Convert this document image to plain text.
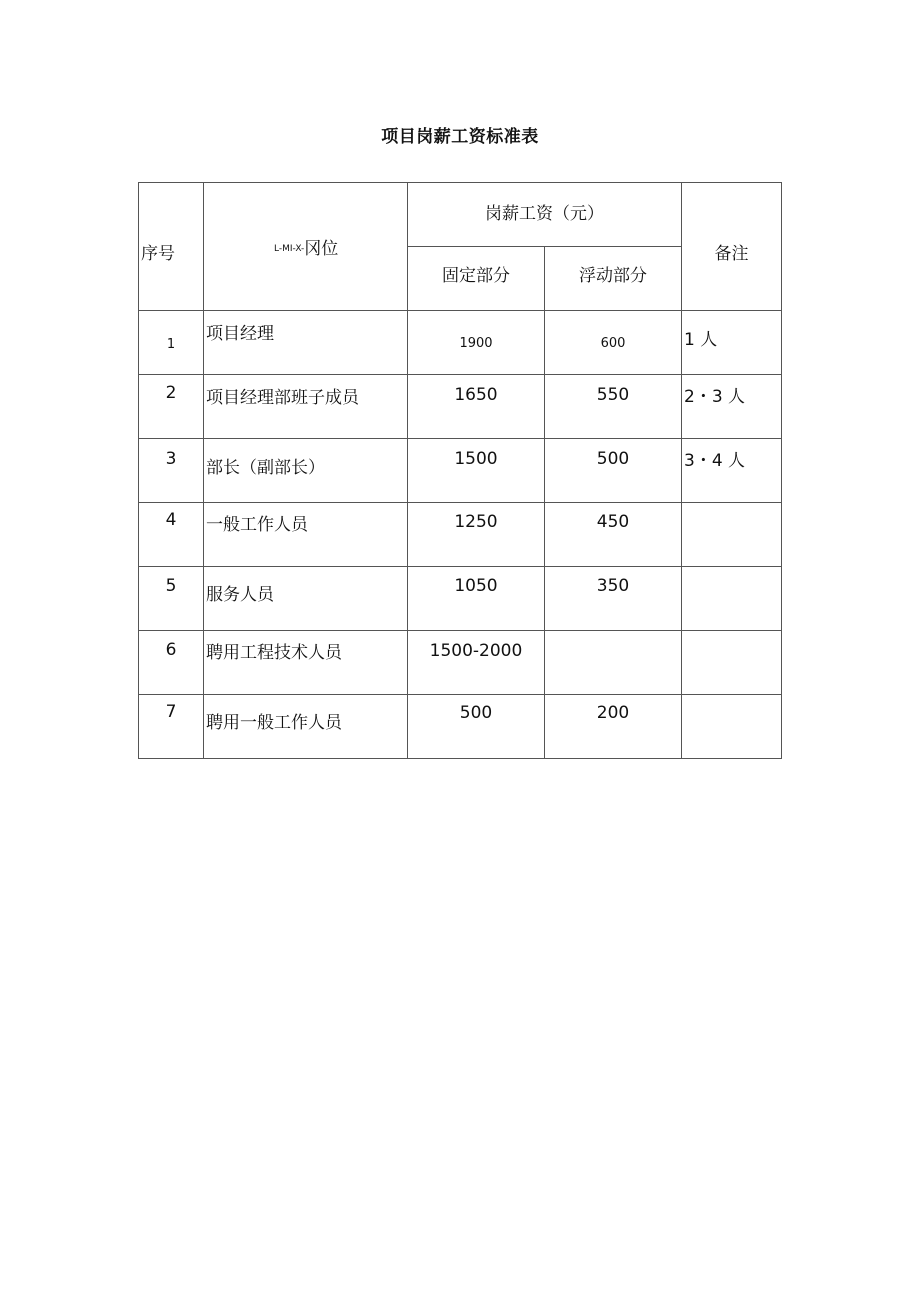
项目岗薪工资标准表
序号	L-MI-X-冈位	岗薪工资（元）		备注

		固定部分	浮动部分	

1	项目经理	1900	600	1 人

2	项目经理部班子成员	1650	550	2・3 人

3	部长（副部长）	1500	500	3・4 人

4	一般工作人员	1250	450	

5	服务人员	1050	350	

6	聘用工程技术人员	1500-2000		

7	聘用一般工作人员	500	200	
